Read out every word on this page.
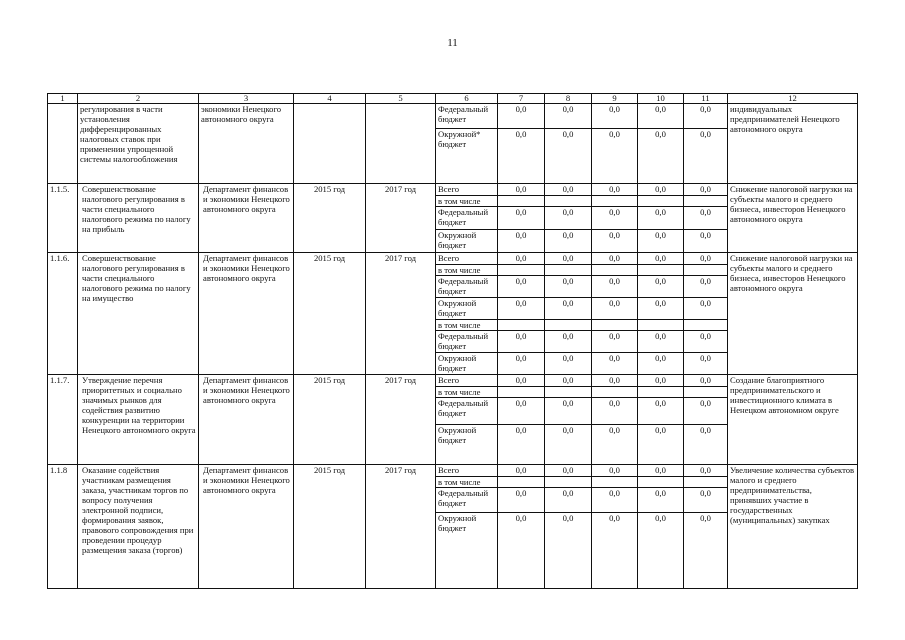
11
1	2	3	4	5	6	7	8	9	10	11	12
	регулирования в части установления дифференцированных налоговых ставок при применении упрощенной системы налогообложения	экономики Ненецкого автономного округа			Федеральный бюджет	0,0	0,0	0,0	0,0	0,0	индивидуальных предпринимателей Ненецкого автономного округа
					Окружной* бюджет	0,0	0,0	0,0	0,0	0,0	
1.1.5.	Совершенствование налогового регулирования в части специального налогового режима по налогу на прибыль	Департамент финансов и экономики Ненецкого автономного округа	2015 год	2017 год	Всего	0,0	0,0	0,0	0,0	0,0	Снижение налоговой нагрузки на субъекты малого и среднего бизнеса, инвесторов Ненецкого автономного округа
					в том числе						
					Федеральный бюджет	0,0	0,0	0,0	0,0	0,0	
					Окружной бюджет	0,0	0,0	0,0	0,0	0,0	
1.1.6.	Совершенствование налогового регулирования в части специального налогового режима по налогу на имущество	Департамент финансов и экономики Ненецкого автономного округа	2015 год	2017 год	Всего	0,0	0,0	0,0	0,0	0,0	Снижение налоговой нагрузки на субъекты малого и среднего бизнеса, инвесторов Ненецкого автономного округа
					в том числе						
					Федеральный бюджет	0,0	0,0	0,0	0,0	0,0	
					Окружной бюджет	0,0	0,0	0,0	0,0	0,0	
					в том числе						
					Федеральный бюджет	0,0	0,0	0,0	0,0	0,0	
					Окружной бюджет	0,0	0,0	0,0	0,0	0,0	
1.1.7.	Утверждение перечня приоритетных и социально значимых рынков для содействия развитию конкуренции на территории Ненецкого автономного округа	Департамент финансов и экономики Ненецкого автономного округа	2015 год	2017 год	Всего	0,0	0,0	0,0	0,0	0,0	Создание благоприятного предпринимательского и инвестиционного климата в Ненецком автономном округе
					в том числе						
					Федеральный бюджет	0,0	0,0	0,0	0,0	0,0	
					Окружной бюджет	0,0	0,0	0,0	0,0	0,0	
1.1.8	Оказание содействия участникам размещения заказа, участникам торгов по вопросу получения электронной подписи, формирования заявок, правового сопровождения при проведении процедур размещения заказа (торгов)	Департамент финансов и экономики Ненецкого автономного округа	2015 год	2017 год	Всего	0,0	0,0	0,0	0,0	0,0	Увеличение количества субъектов малого и среднего предпринимательства, принявших участие в государственных (муниципальных) закупках
					в том числе						
					Федеральный бюджет	0,0	0,0	0,0	0,0	0,0	
					Окружной бюджет	0,0	0,0	0,0	0,0	0,0	
